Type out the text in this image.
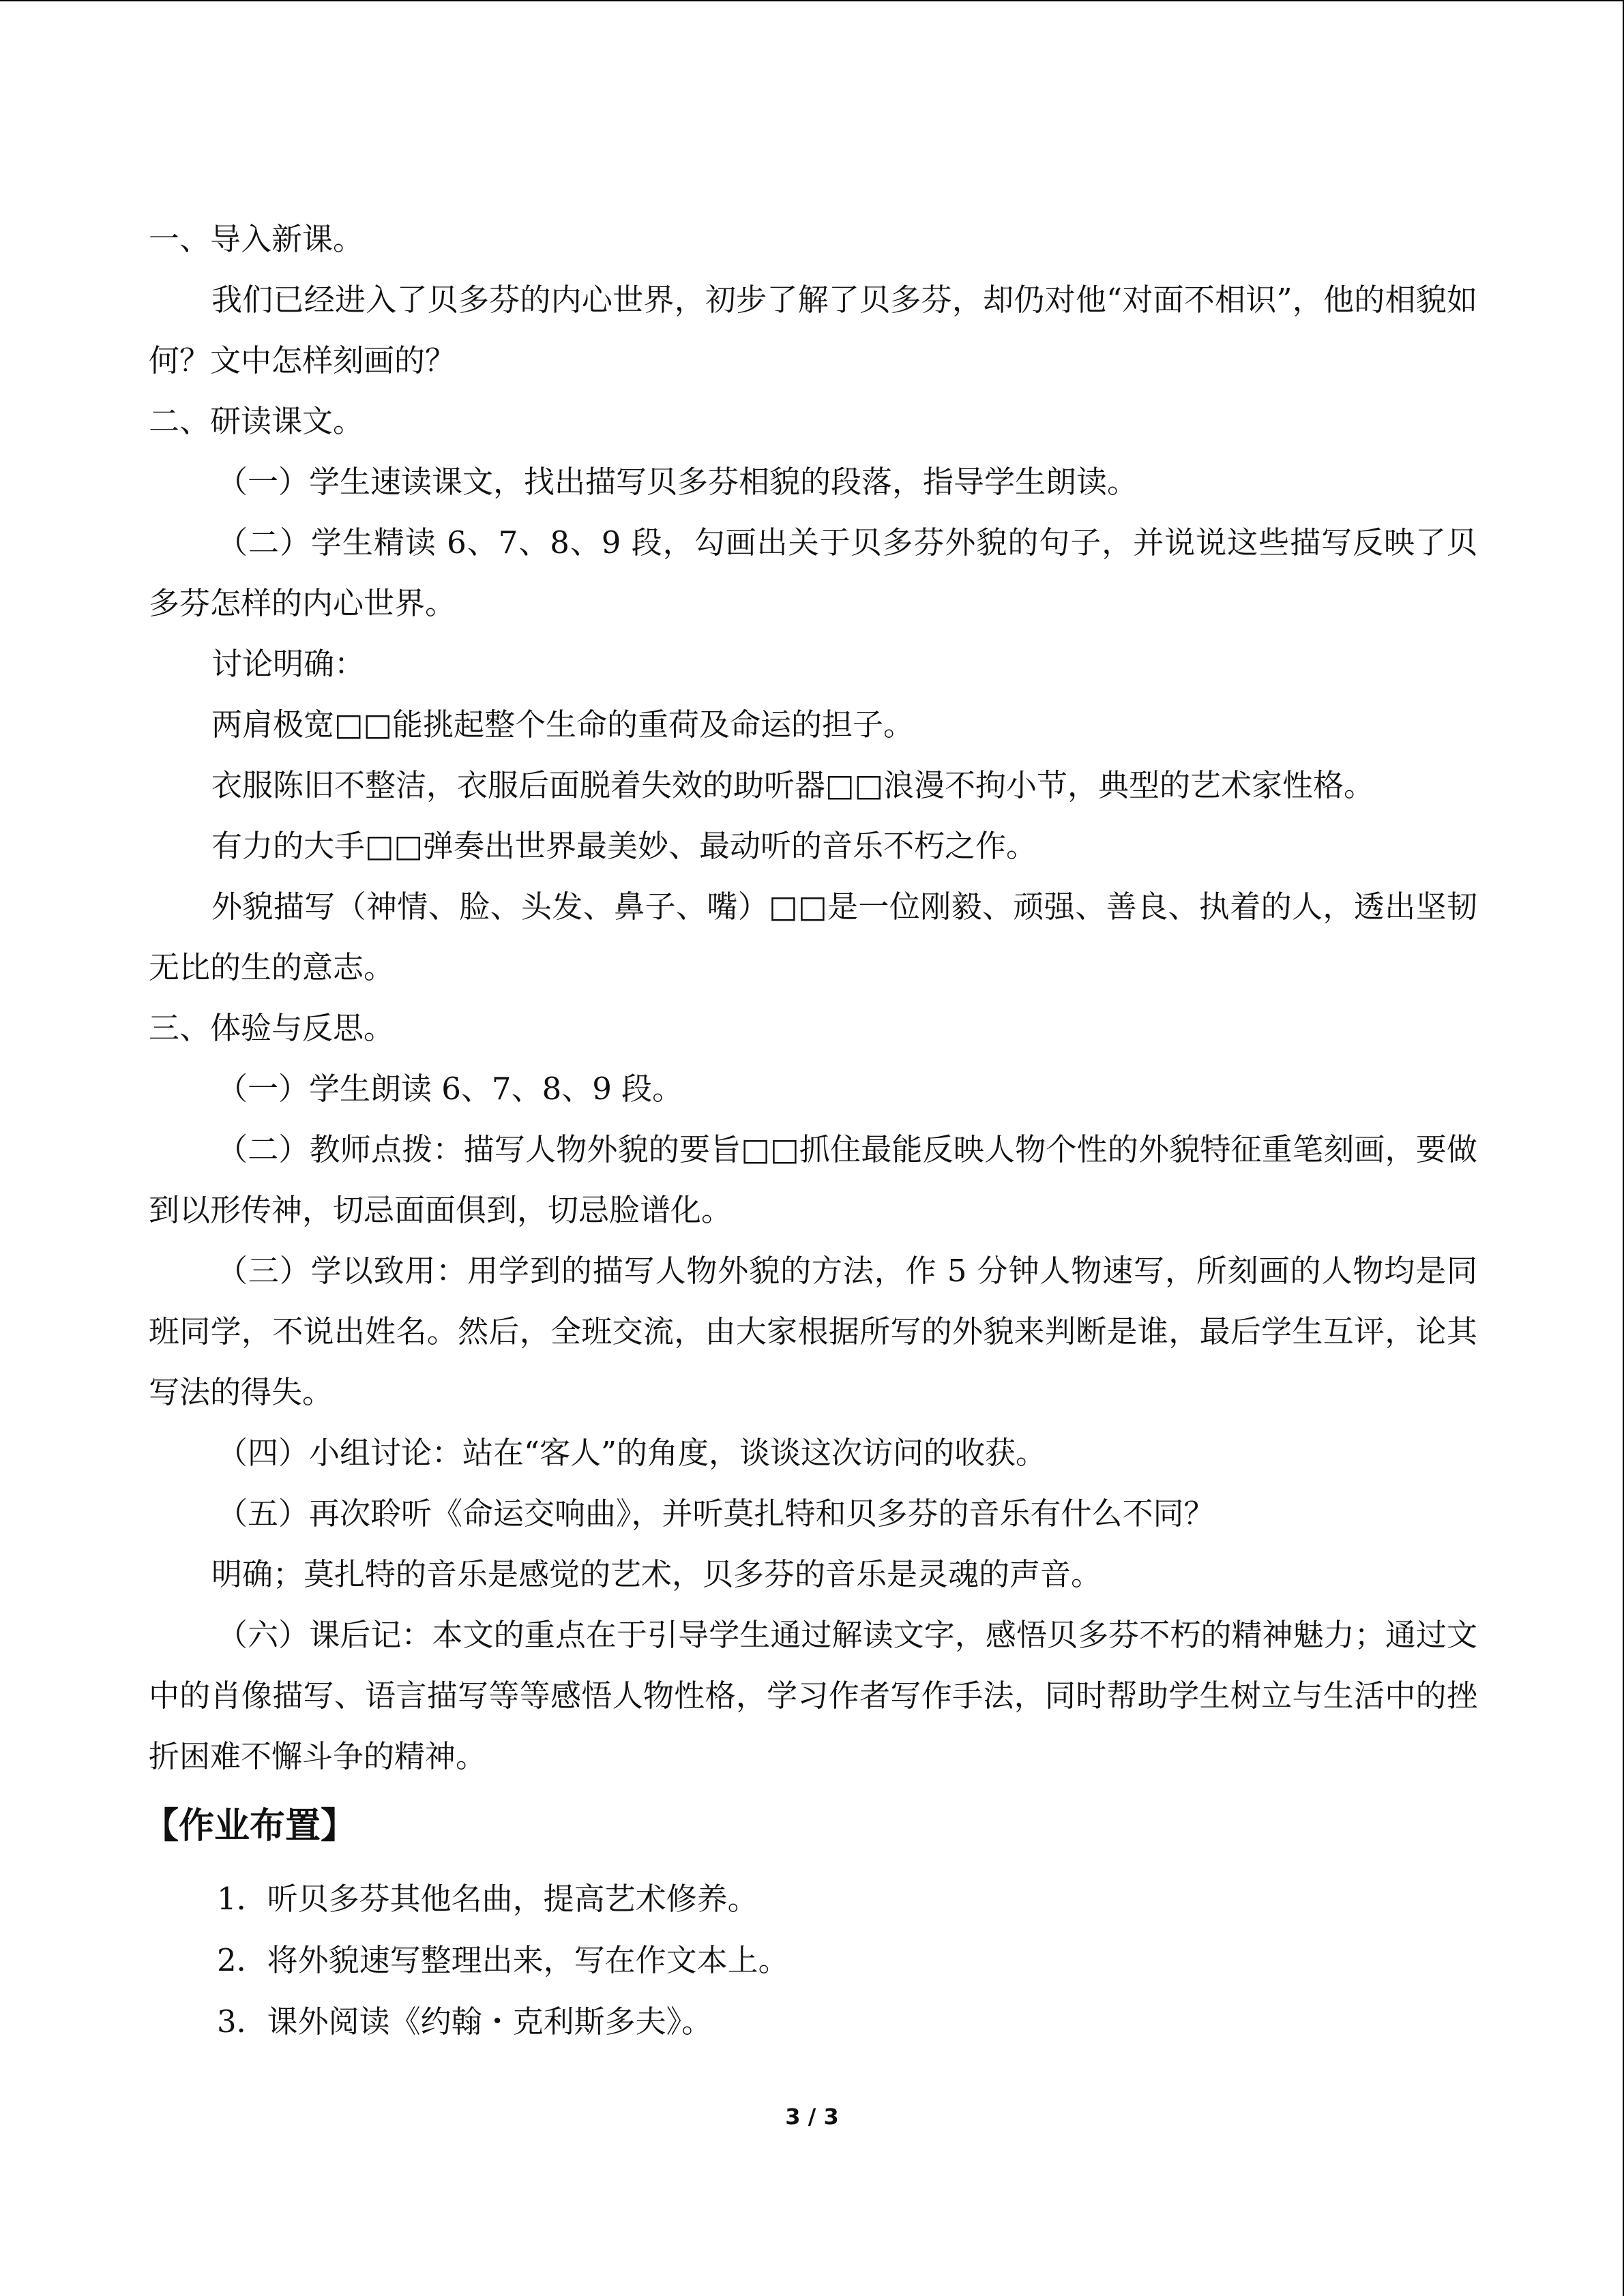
一、导入新课。

我们已经进入了贝多芬的内心世界，初步了解了贝多芬，却仍对他“对面不相识”，他的相貌如何？文中怎样刻画的？

二、研读课文。

（一）学生速读课文，找出描写贝多芬相貌的段落，指导学生朗读。

（二）学生精读 6、7、8、9 段，勾画出关于贝多芬外貌的句子，并说说这些描写反映了贝多芬怎样的内心世界。

讨论明确：

两肩极宽□□能挑起整个生命的重荷及命运的担子。

衣服陈旧不整洁，衣服后面脱着失效的助听器□□浪漫不拘小节，典型的艺术家性格。

有力的大手□□弹奏出世界最美妙、最动听的音乐不朽之作。

外貌描写（神情、脸、头发、鼻子、嘴）□□是一位刚毅、顽强、善良、执着的人，透出坚韧无比的生的意志。

三、体验与反思。

（一）学生朗读 6、7、8、9 段。

（二）教师点拨：描写人物外貌的要旨□□抓住最能反映人物个性的外貌特征重笔刻画，要做到以形传神，切忌面面俱到，切忌脸谱化。

（三）学以致用：用学到的描写人物外貌的方法，作 5 分钟人物速写，所刻画的人物均是同班同学，不说出姓名。然后，全班交流，由大家根据所写的外貌来判断是谁，最后学生互评，论其写法的得失。

（四）小组讨论：站在“客人”的角度，谈谈这次访问的收获。

（五）再次聆听《命运交响曲》，并听莫扎特和贝多芬的音乐有什么不同？

明确；莫扎特的音乐是感觉的艺术，贝多芬的音乐是灵魂的声音。

（六）课后记：本文的重点在于引导学生通过解读文字，感悟贝多芬不朽的精神魅力；通过文中的肖像描写、语言描写等等感悟人物性格，学习作者写作手法，同时帮助学生树立与生活中的挫折困难不懈斗争的精神。

【作业布置】

1．听贝多芬其他名曲，提高艺术修养。

2．将外貌速写整理出来，写在作文本上。

3．课外阅读《约翰・克利斯多夫》。

3 / 3
